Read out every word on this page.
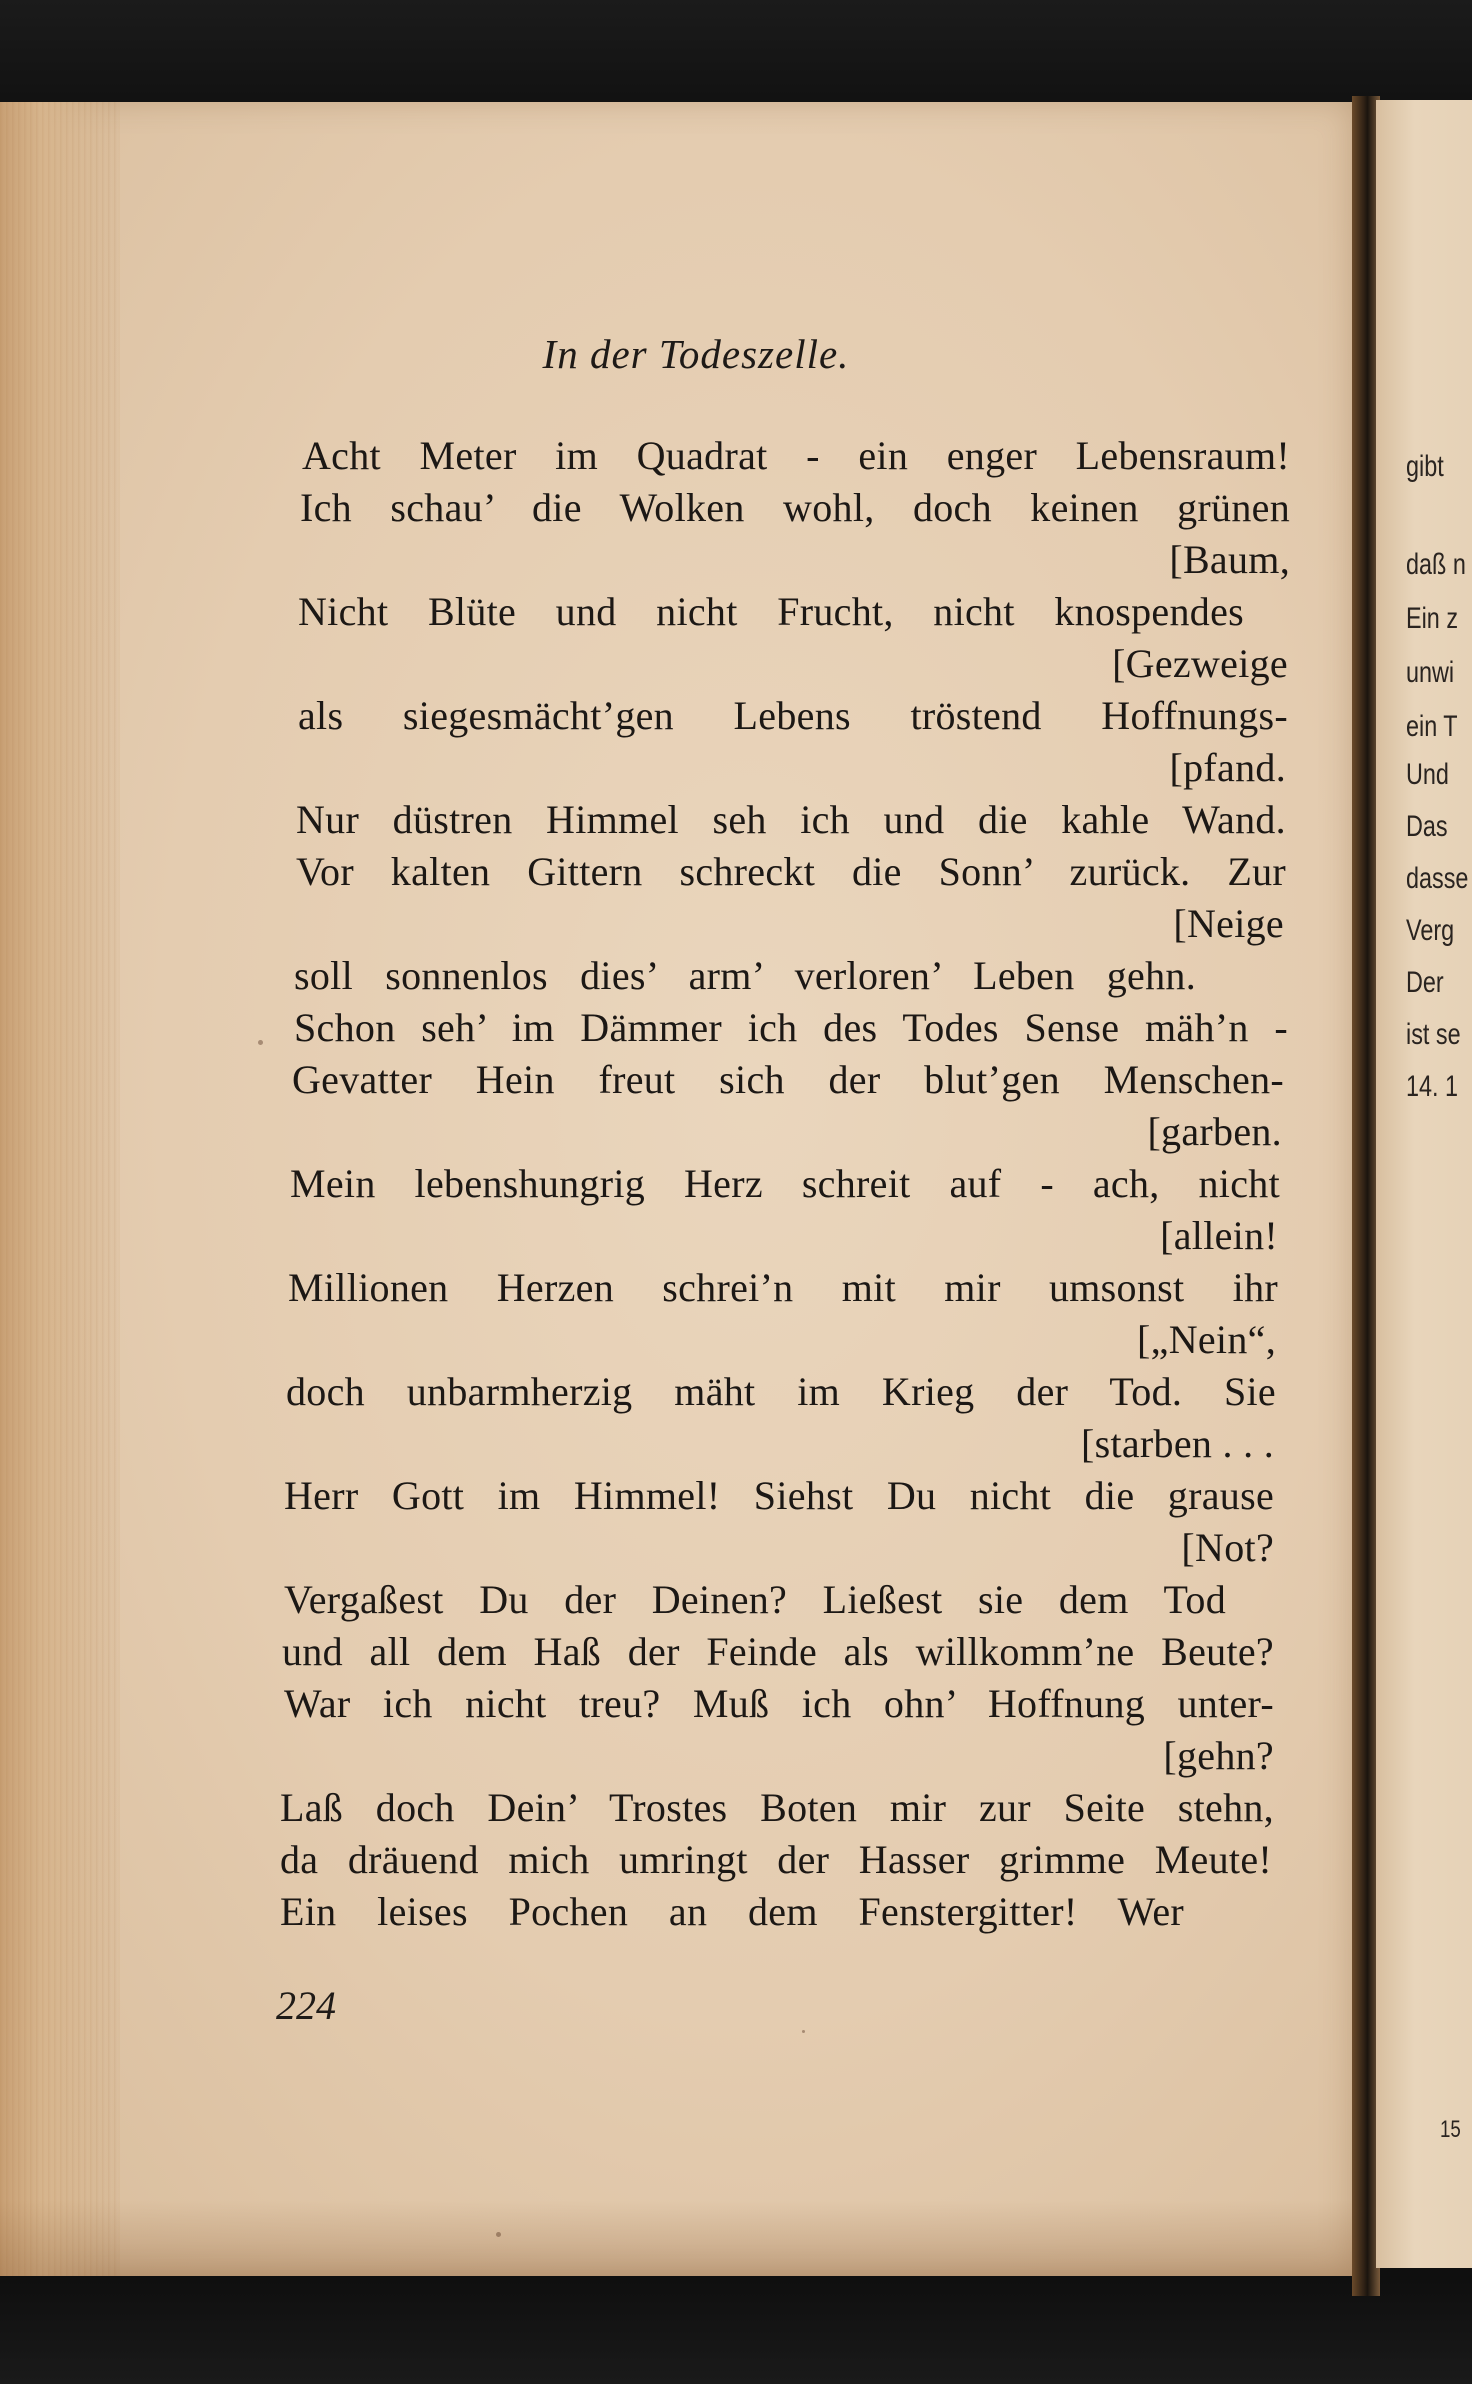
gibt
daß n
Ein z
unwi
ein T
Und
Das
dasse
Verg
Der
ist se
14. 1
15
In der Todeszelle.
Acht Meter im Quadrat - ein enger Lebensraum!
Ich schau’ die Wolken wohl, doch keinen grünen
[Baum,
Nicht Blüte und nicht Frucht, nicht knospendes
[Gezweige
als siegesmächt’gen Lebens tröstend Hoffnungs-
[pfand.
Nur düstren Himmel seh ich und die kahle Wand.
Vor kalten Gittern schreckt die Sonn’ zurück. Zur
[Neige
soll sonnenlos dies’ arm’ verloren’ Leben gehn.
Schon seh’ im Dämmer ich des Todes Sense mäh’n -
Gevatter Hein freut sich der blut’gen Menschen-
[garben.
Mein lebenshungrig Herz schreit auf - ach, nicht
[allein!
Millionen Herzen schrei’n mit mir umsonst ihr
[„Nein“,
doch unbarmherzig mäht im Krieg der Tod. Sie
[starben . . .
Herr Gott im Himmel! Siehst Du nicht die grause
[Not?
Vergaßest Du der Deinen? Ließest sie dem Tod
und all dem Haß der Feinde als willkomm’ne Beute?
War ich nicht treu? Muß ich ohn’ Hoffnung unter-
[gehn?
Laß doch Dein’ Trostes Boten mir zur Seite stehn,
da dräuend mich umringt der Hasser grimme Meute!
Ein leises Pochen an dem Fenstergitter! Wer
224
